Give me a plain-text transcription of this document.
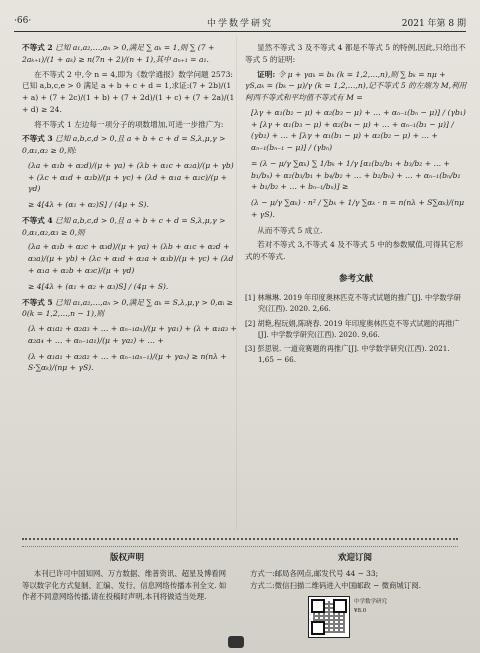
·66·	中学数学研究	2021 年第 8 期

不等式 2 已知 a₁,a₂,…,aₙ > 0,满足 ∑ aₖ = 1,则 ∑ (7 + 2aₖ₊₁)/(1 + aₖ) ≥ n(7n + 2)/(n + 1),其中 aₙ₊₁ = a₁.

在不等式 2 中,令 n = 4,即为《数学通报》数学问题 2573:已知 a,b,c,e > 0 满足 a + b + c + d = 1,求证:(7 + 2b)/(1 + a) + (7 + 2c)/(1 + b) + (7 + 2d)/(1 + c) + (7 + 2a)/(1 + d) ≥ 24.

将不等式 1 左边每一项分子的项数增加,可进一步推广为:

不等式 3 已知 a,b,c,d > 0,且 a + b + c + d = S,λ,μ,γ > 0,α₁,α₂ ≥ 0,则:

(λa + α₁b + α₂d)/(μ + γa) + (λb + α₁c + α₂a)/(μ + γb) + (λc + α₁d + α₂b)/(μ + γc) + (λd + α₁a + α₂c)/(μ + γd)
≥ 4[4λ + (α₁ + α₂)S] / (4μ + S).

不等式 4 已知 a,b,c,d > 0,且 a + b + c + d = S,λ,μ,γ > 0,α₁,α₂,α₃ ≥ 0,则

(λa + α₁b + α₂c + α₃d)/(μ + γa) + (λb + α₁c + α₂d + α₃a)/(μ + γb) + (λc + α₁d + α₂a + α₃b)/(μ + γc) + (λd + α₁a + α₂b + α₃c)/(μ + γd)
≥ 4[4λ + (α₁ + α₂ + α₃)S] / (4μ + S).

不等式 5 已知 a₁,a₂,…,aₙ > 0,满足 ∑ aₖ = S,λ,μ,γ > 0,αᵢ ≥ 0(k = 1,2,…,n − 1),则

(λ + α₁a₂ + α₂a₃ + … + αₙ₋₁aₙ)/(μ + γa₁) + (λ + α₁a₃ + α₂a₄ + … + αₙ₋₁a₁)/(μ + γa₂) + … +
(λ + α₁a₁ + α₂a₂ + … + αₙ₋₁aₙ₋₁)/(μ + γaₙ) ≥ n(nλ + S·∑αₖ)/(nμ + γS).

显然不等式 3 及不等式 4 都是不等式 5 的特例,因此,只给出不等式 5 的证明:

证明: 令 μ + γaₖ = bₖ (k = 1,2,…,n),则 ∑ bₖ = nμ + γS,aₖ = (bₖ − μ)/γ (k = 1,2,…,n),记不等式 5 的左端为 M,利用柯西不等式和平均值不等式有 M =

[λγ + α₁(b₂ − μ) + α₂(b₃ − μ) + … + αₙ₋₁(bₙ − μ)] / (γb₁) + [λγ + α₁(b₃ − μ) + α₂(b₄ − μ) + … + αₙ₋₁(b₁ − μ)] / (γb₂) + … + [λγ + α₁(b₁ − μ) + α₂(b₂ − μ) + … + αₙ₋₁(bₙ₋₁ − μ)] / (γbₙ)
= (λ − μ/γ ∑αₖ) ∑ 1/bₖ + 1/γ [α₁(b₂/b₁ + b₃/b₂ + … + b₁/bₙ) + α₂(b₃/b₁ + b₄/b₂ + … + b₂/bₙ) + … + αₙ₋₁(bₙ/b₁ + b₁/b₂ + … + bₙ₋₁/bₙ)] ≥
(λ − μ/γ ∑αₖ) · n² / ∑bₖ + 1/γ ∑αₖ · n = n(nλ + S∑αₖ)/(nμ + γS).

从而不等式 5 成立.

若对不等式 3,不等式 4 及不等式 5 中的参数赋值,可得其它形式的不等式.

参考文献

[1] 林琳琳. 2019 年印度奥林匹克不等式试题的推广[J]. 中学数学研究(江西). 2020. 2,66.

[2] 胡艳,程玩娟,陈晓春. 2019 年印度奥林匹克不等式试题的再推广[J]. 中学数学研究(江西). 2020. 9,66.

[3] 彭思锐. 一道竞赛题的再推广[J]. 中学数学研究(江西). 2021. 1,65 − 66.

版权声明

本刊已许可中国知网、万方数据、维普资讯、超星及博看网等以数字化方式复制、汇编、发行、信息网络传播本刊全文. 如作者不同意网络传播,请在投稿时声明,本刊将做适当处理.

欢迎订阅

方式一:邮局各网点,邮发代号 44 − 33;

方式二:微信扫描二维码进入中国邮政 − 微商城订阅.

中学数学研究
¥8.0
